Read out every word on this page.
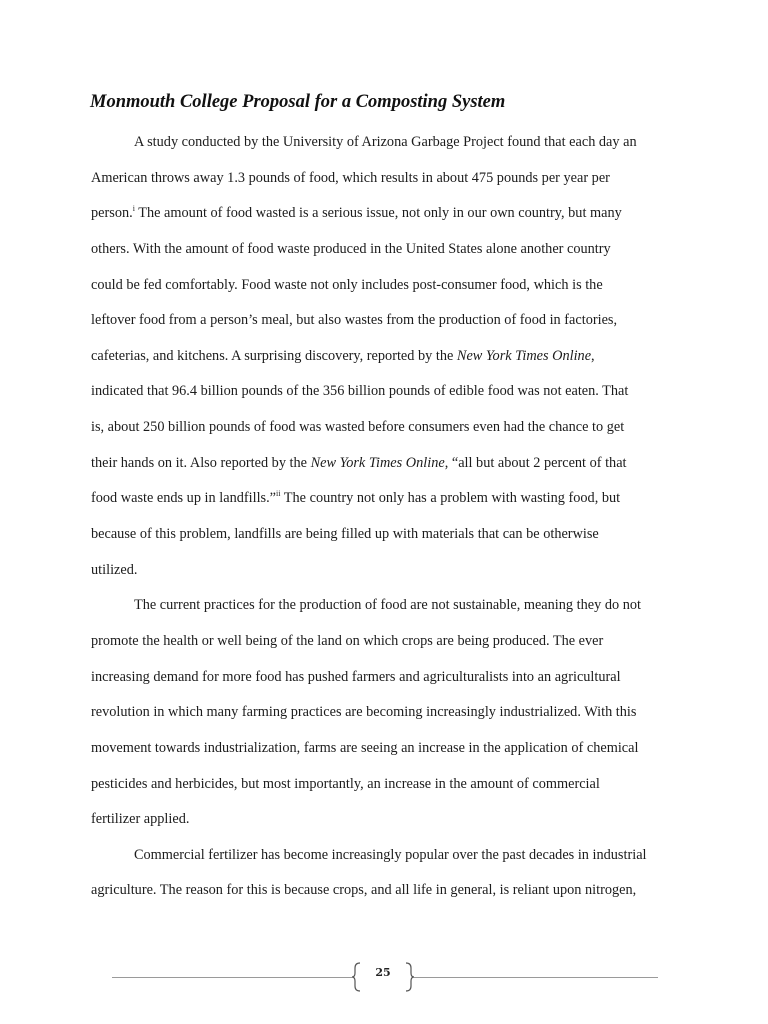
Monmouth College Proposal for a Composting System
A study conducted by the University of Arizona Garbage Project found that each day an
American throws away 1.3 pounds of food, which results in about 475 pounds per year per
person.$^i$ The amount of food wasted is a serious issue, not only in our own country, but many
others. With the amount of food waste produced in the United States alone another country
could be fed comfortably. Food waste not only includes post-consumer food, which is the
leftover food from a person’s meal, but also wastes from the production of food in factories,
cafeterias, and kitchens. A surprising discovery, reported by the New York Times Online,
indicated that 96.4 billion pounds of the 356 billion pounds of edible food was not eaten. That
is, about 250 billion pounds of food was wasted before consumers even had the chance to get
their hands on it. Also reported by the New York Times Online, “all but about 2 percent of that
food waste ends up in landfills.”$^{ii}$ The country not only has a problem with wasting food, but
because of this problem, landfills are being filled up with materials that can be otherwise
utilized.
The current practices for the production of food are not sustainable, meaning they do not
promote the health or well being of the land on which crops are being produced. The ever
increasing demand for more food has pushed farmers and agriculturalists into an agricultural
revolution in which many farming practices are becoming increasingly industrialized. With this
movement towards industrialization, farms are seeing an increase in the application of chemical
pesticides and herbicides, but most importantly, an increase in the amount of commercial
fertilizer applied.
Commercial fertilizer has become increasingly popular over the past decades in industrial
agriculture. The reason for this is because crops, and all life in general, is reliant upon nitrogen,
25
